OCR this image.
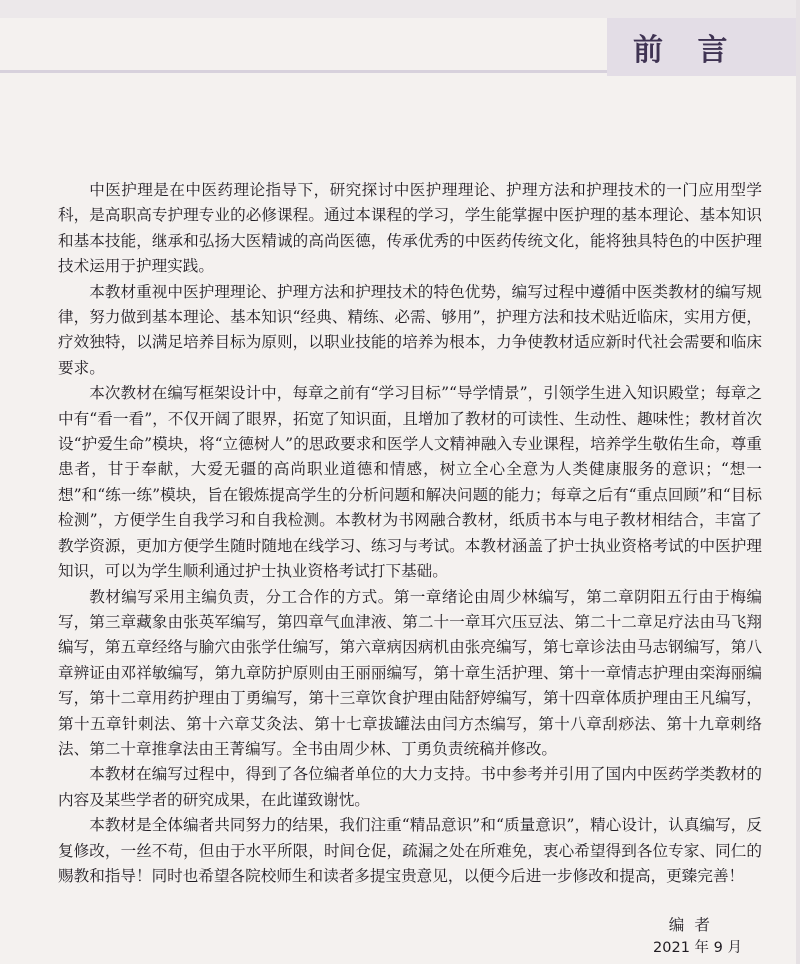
前 言

中医护理是在中医药理论指导下，研究探讨中医护理理论、护理方法和护理技术的一门应用型学科，是高职高专护理专业的必修课程。通过本课程的学习，学生能掌握中医护理的基本理论、基本知识和基本技能，继承和弘扬大医精诚的高尚医德，传承优秀的中医药传统文化，能将独具特色的中医护理技术运用于护理实践。

本教材重视中医护理理论、护理方法和护理技术的特色优势，编写过程中遵循中医类教材的编写规律，努力做到基本理论、基本知识“经典、精练、必需、够用”，护理方法和技术贴近临床，实用方便，疗效独特，以满足培养目标为原则，以职业技能的培养为根本，力争使教材适应新时代社会需要和临床要求。

本次教材在编写框架设计中，每章之前有“学习目标”“导学情景”，引领学生进入知识殿堂；每章之中有“看一看”，不仅开阔了眼界，拓宽了知识面，且增加了教材的可读性、生动性、趣味性；教材首次设“护爱生命”模块，将“立德树人”的思政要求和医学人文精神融入专业课程，培养学生敬佑生命，尊重患者，甘于奉献，大爱无疆的高尚职业道德和情感，树立全心全意为人类健康服务的意识；“想一想”和“练一练”模块，旨在锻炼提高学生的分析问题和解决问题的能力；每章之后有“重点回顾”和“目标检测”，方便学生自我学习和自我检测。本教材为书网融合教材，纸质书本与电子教材相结合，丰富了教学资源，更加方便学生随时随地在线学习、练习与考试。本教材涵盖了护士执业资格考试的中医护理知识，可以为学生顺利通过护士执业资格考试打下基础。

教材编写采用主编负责，分工合作的方式。第一章绪论由周少林编写，第二章阴阳五行由于梅编写，第三章藏象由张英军编写，第四章气血津液、第二十一章耳穴压豆法、第二十二章足疗法由马飞翔编写，第五章经络与腧穴由张学仕编写，第六章病因病机由张亮编写，第七章诊法由马志钢编写，第八章辨证由邓祥敏编写，第九章防护原则由王丽丽编写，第十章生活护理、第十一章情志护理由栾海丽编写，第十二章用药护理由丁勇编写，第十三章饮食护理由陆舒婷编写，第十四章体质护理由王凡编写，第十五章针刺法、第十六章艾灸法、第十七章拔罐法由闫方杰编写，第十八章刮痧法、第十九章刺络法、第二十章推拿法由王菁编写。全书由周少林、丁勇负责统稿并修改。

本教材在编写过程中，得到了各位编者单位的大力支持。书中参考并引用了国内中医药学类教材的内容及某些学者的研究成果，在此谨致谢忱。

本教材是全体编者共同努力的结果，我们注重“精品意识”和“质量意识”，精心设计，认真编写，反复修改，一丝不苟，但由于水平所限，时间仓促，疏漏之处在所难免，衷心希望得到各位专家、同仁的赐教和指导！同时也希望各院校师生和读者多提宝贵意见，以便今后进一步修改和提高，更臻完善！

编者
2021 年 9 月
